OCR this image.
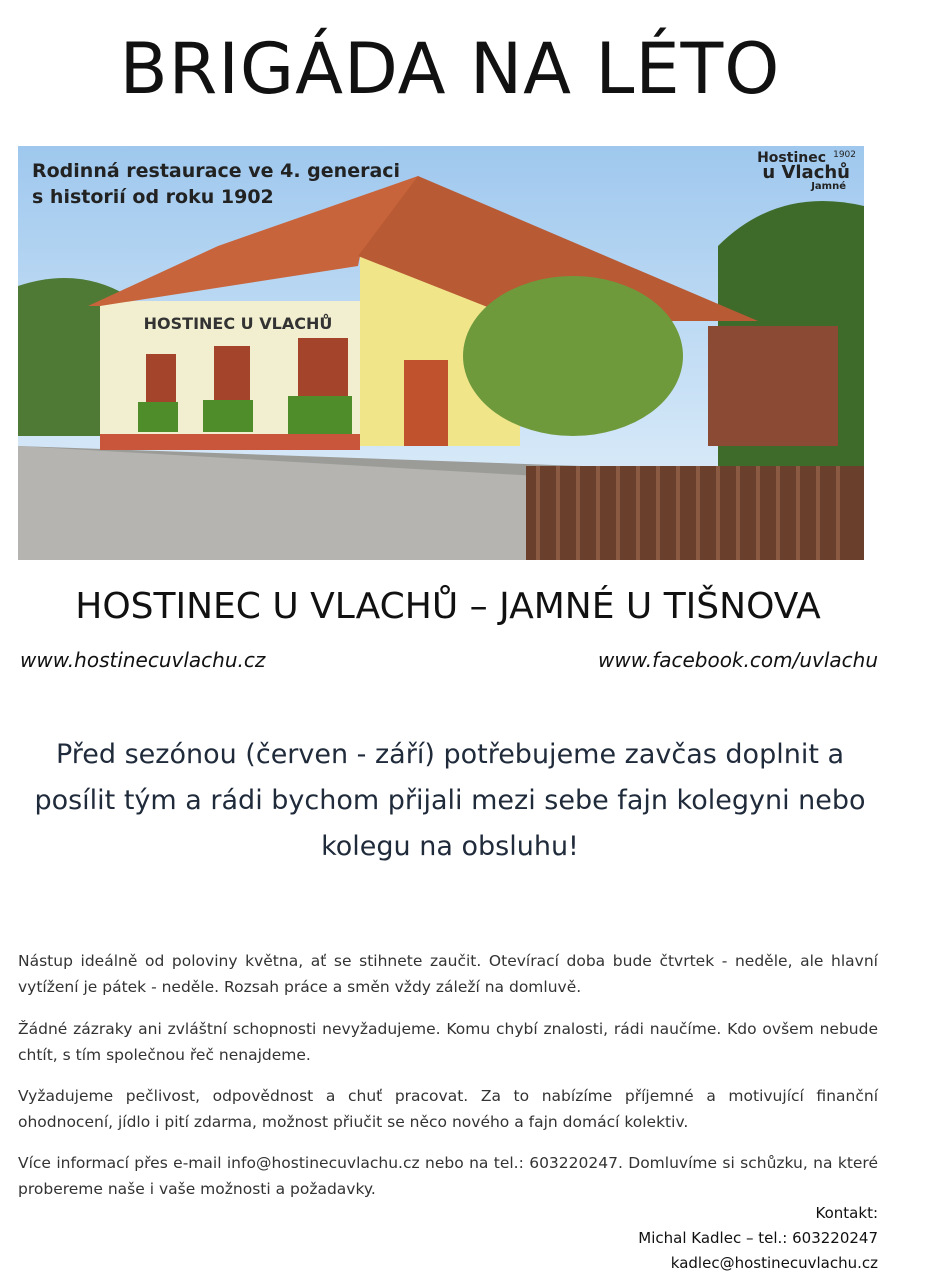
BRIGÁDA NA LÉTO
HOSTINEC U VLACHŮ
Rodinná restaurace ve 4. generaci
s historií od roku 1902
1902
Hostinec
u Vlachů
Jamné
HOSTINEC U VLACHŮ – JAMNÉ U TIŠNOVA
www.hostinecuvlachu.cz	www.facebook.com/uvlachu
Před sezónou (červen - září) potřebujeme zavčas doplnit a posílit tým a rádi bychom přijali mezi sebe fajn kolegyni nebo kolegu na obsluhu!

Nástup ideálně od poloviny května, ať se stihnete zaučit. Otevírací doba bude čtvrtek - neděle, ale hlavní vytížení je pátek - neděle. Rozsah práce a směn vždy záleží na domluvě.

Žádné zázraky ani zvláštní schopnosti nevyžadujeme. Komu chybí znalosti, rádi naučíme. Kdo ovšem nebude chtít, s tím společnou řeč nenajdeme.

Vyžadujeme pečlivost, odpovědnost a chuť pracovat. Za to nabízíme příjemné a motivující finanční ohodnocení, jídlo i pití zdarma, možnost přiučit se něco nového a fajn domácí kolektiv.

Více informací přes e-mail info@hostinecuvlachu.cz nebo na tel.: 603220247. Domluvíme si schůzku, na které probereme naše i vaše možnosti a požadavky.

Kontakt:
Michal Kadlec – tel.: 603220247
kadlec@hostinecuvlachu.cz
